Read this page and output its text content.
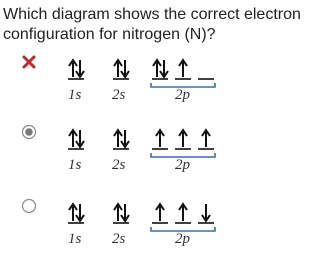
Which diagram shows the correct electron
configuration for nitrogen (N)?
1s 2s	2p
1s 2s	2p
1s 2s	2p
